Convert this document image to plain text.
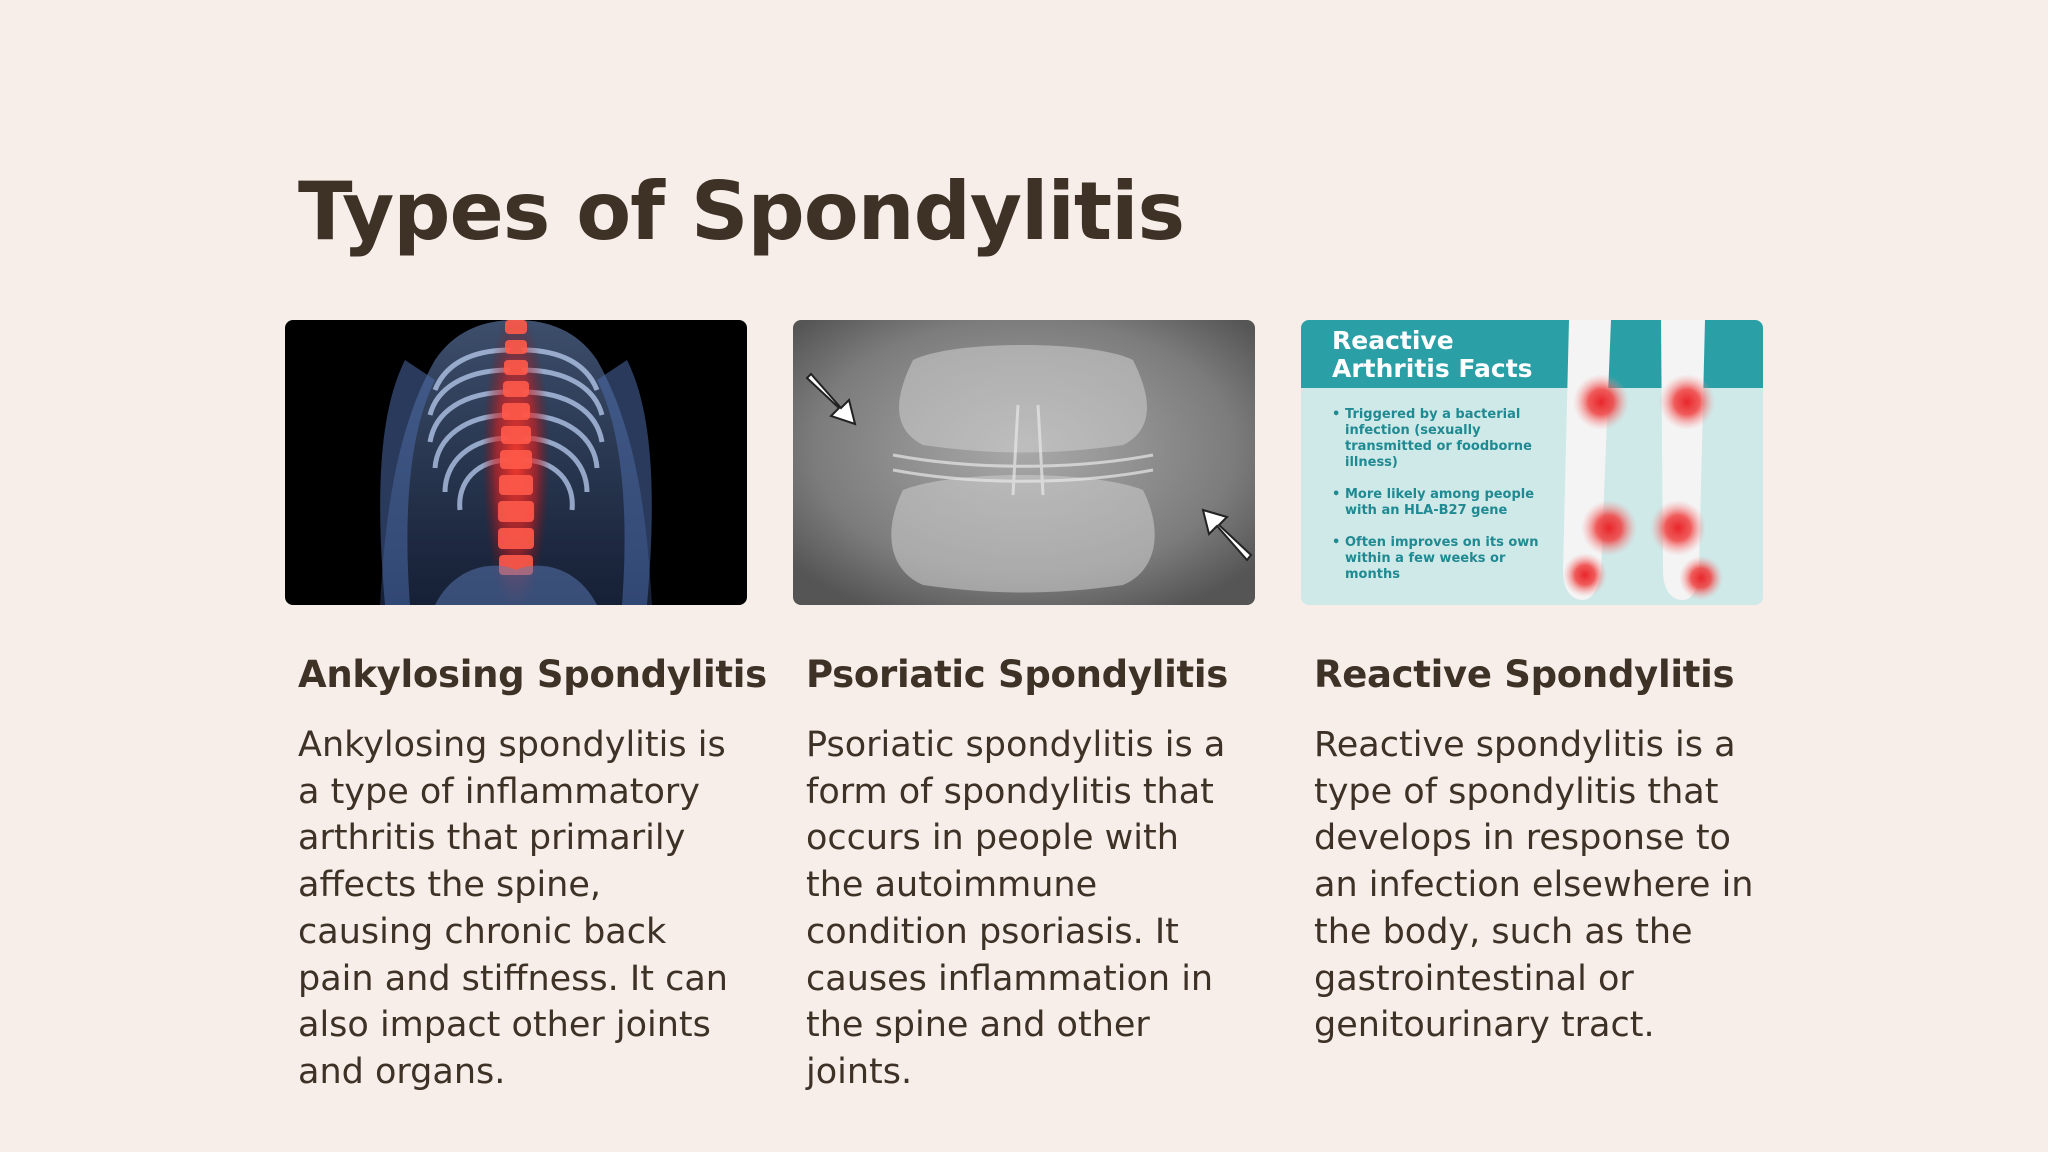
Types of Spondylitis
Ankylosing Spondylitis

Ankylosing spondylitis is a type of inflammatory arthritis that primarily affects the spine, causing chronic back pain and stiffness. It can also impact other joints and organs.

Psoriatic Spondylitis

Psoriatic spondylitis is a form of spondylitis that occurs in people with the autoimmune condition psoriasis. It causes inflammation in the spine and other joints.

Reactive
Arthritis Facts
• Triggered by a bacterial
infection (sexually
transmitted or foodborne
illness)
• More likely among people
with an HLA-B27 gene
• Often improves on its own
within a few weeks or
months
Reactive Spondylitis

Reactive spondylitis is a type of spondylitis that develops in response to an infection elsewhere in the body, such as the gastrointestinal or genitourinary tract.
